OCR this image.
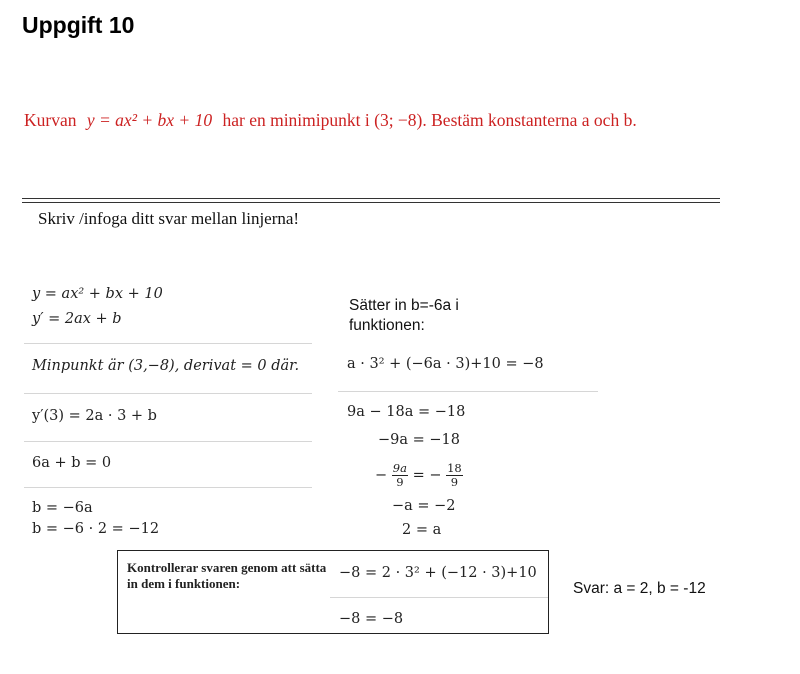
Uppgift 10
Kurvan y = ax² + bx + 10 har en minimipunkt i (3; −8). Bestäm konstanterna a och b.
Skriv /infoga ditt svar mellan linjerna!
y = ax² + bx + 10
y′ = 2ax + b
Minpunkt är (3,−8), derivat = 0 där.
y′(3) = 2a · 3 + b
6a + b = 0
b = −6a
b = −6 · 2 = −12
Sätter in b=-6a i funktionen:
a · 3² + (−6a · 3)+10 = −8
9a − 18a = −18
−9a = −18
− $\frac{9a}{9}$ = − $\frac{18}{9}$
−a = −2
2 = a
Kontrollerar svaren genom att sätta in dem i funktionen:
−8 = 2 · 3² + (−12 · 3)+10
−8 = −8
Svar: a = 2, b = -12
